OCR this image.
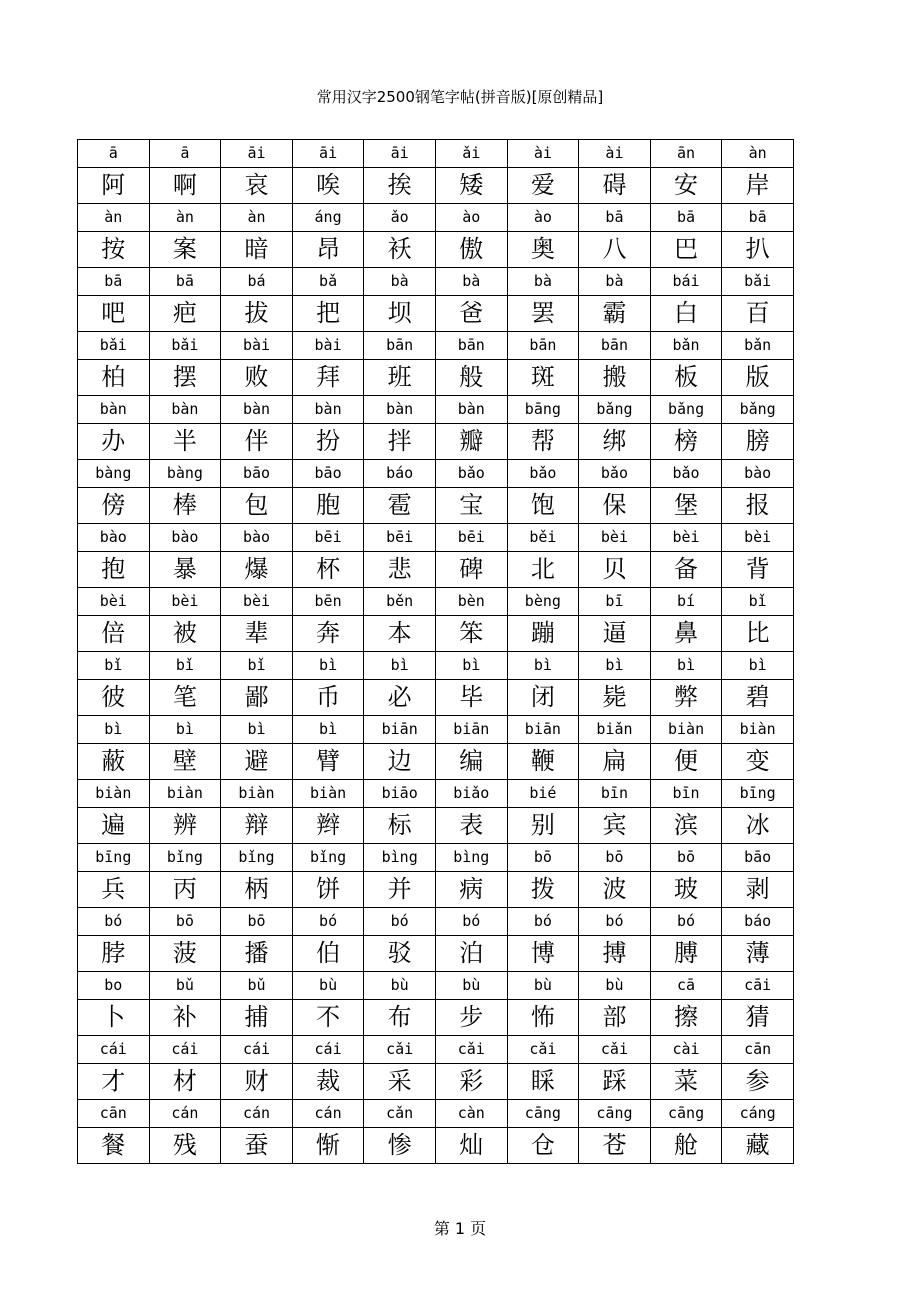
常用汉字2500钢笔字帖(拼音版)[原创精品]
ā	ā	āi	āi	āi	ǎi	ài	ài	ān	àn
阿	啊	哀	唉	挨	矮	爱	碍	安	岸
àn	àn	àn	áng	ǎo	ào	ào	bā	bā	bā
按	案	暗	昂	袄	傲	奥	八	巴	扒
bā	bā	bá	bǎ	bà	bà	bà	bà	bái	bǎi
吧	疤	拔	把	坝	爸	罢	霸	白	百
bǎi	bǎi	bài	bài	bān	bān	bān	bān	bǎn	bǎn
柏	摆	败	拜	班	般	斑	搬	板	版
bàn	bàn	bàn	bàn	bàn	bàn	bāng	bǎng	bǎng	bǎng
办	半	伴	扮	拌	瓣	帮	绑	榜	膀
bàng	bàng	bāo	bāo	báo	bǎo	bǎo	bǎo	bǎo	bào
傍	棒	包	胞	雹	宝	饱	保	堡	报
bào	bào	bào	bēi	bēi	bēi	běi	bèi	bèi	bèi
抱	暴	爆	杯	悲	碑	北	贝	备	背
bèi	bèi	bèi	bēn	běn	bèn	bèng	bī	bí	bǐ
倍	被	辈	奔	本	笨	蹦	逼	鼻	比
bǐ	bǐ	bǐ	bì	bì	bì	bì	bì	bì	bì
彼	笔	鄙	币	必	毕	闭	毙	弊	碧
bì	bì	bì	bì	biān	biān	biān	biǎn	biàn	biàn
蔽	壁	避	臂	边	编	鞭	扁	便	变
biàn	biàn	biàn	biàn	biāo	biǎo	bié	bīn	bīn	bīng
遍	辨	辩	辫	标	表	别	宾	滨	冰
bīng	bǐng	bǐng	bǐng	bìng	bìng	bō	bō	bō	bāo
兵	丙	柄	饼	并	病	拨	波	玻	剥
bó	bō	bō	bó	bó	bó	bó	bó	bó	báo
脖	菠	播	伯	驳	泊	博	搏	膊	薄
bo	bǔ	bǔ	bù	bù	bù	bù	bù	cā	cāi
卜	补	捕	不	布	步	怖	部	擦	猜
cái	cái	cái	cái	cǎi	cǎi	cǎi	cǎi	cài	cān
才	材	财	裁	采	彩	睬	踩	菜	参
cān	cán	cán	cán	cǎn	càn	cāng	cāng	cāng	cáng
餐	残	蚕	惭	惨	灿	仓	苍	舱	藏
第 1 页
